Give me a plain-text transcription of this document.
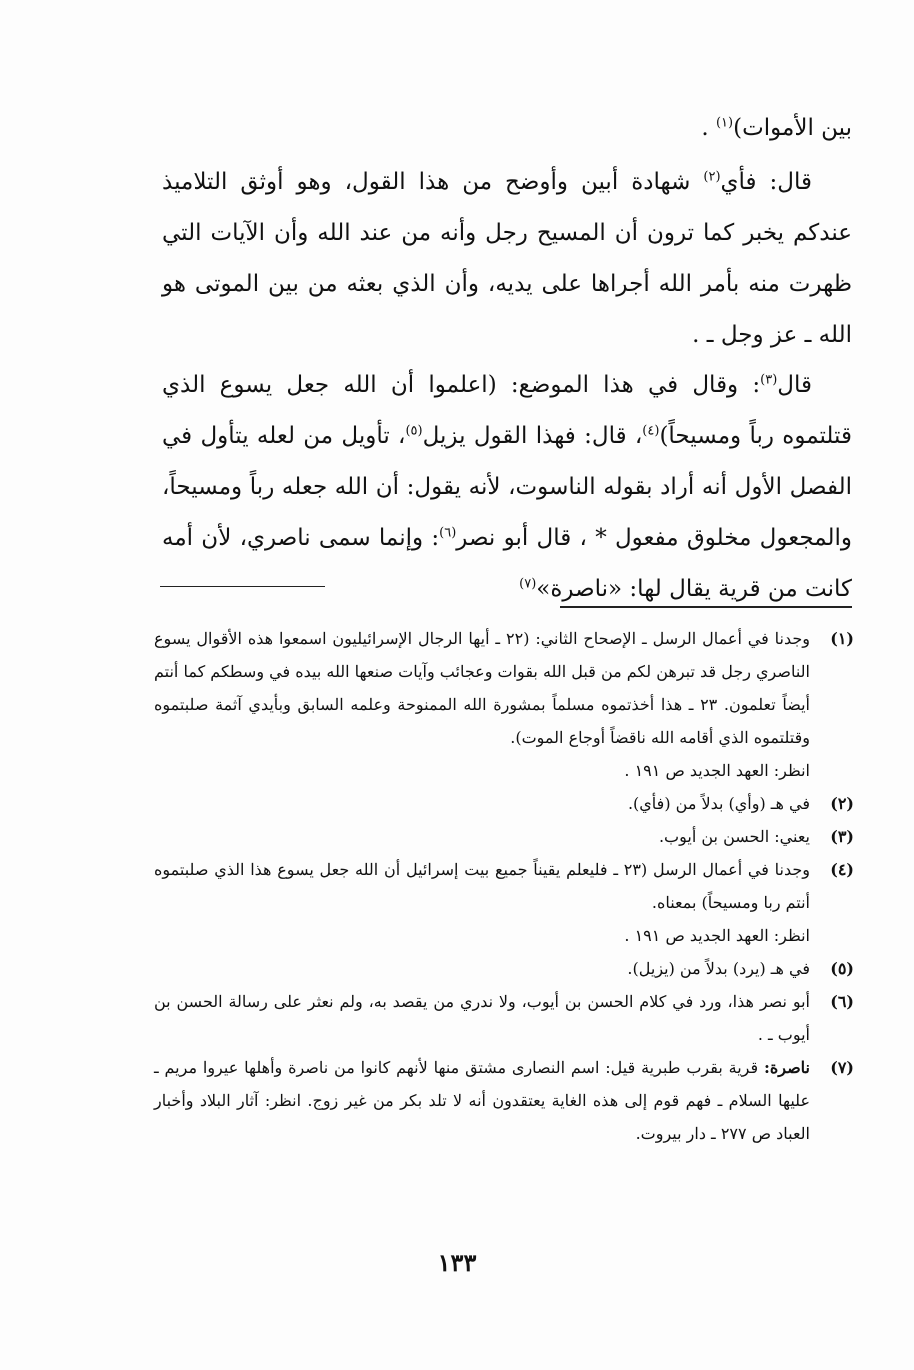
بين الأموات)$^{(١)}$ .

قال: فأي$^{(٢)}$ شهادة أبين وأوضح من هذا القول، وهو أوثق التلاميذ عندكم يخبر كما ترون أن المسيح رجل وأنه من عند الله وأن الآيات التي ظهرت منه بأمر الله أجراها على يديه، وأن الذي بعثه من بين الموتى هو الله ـ عز وجل ـ .

قال$^{(٣)}$: وقال في هذا الموضع: (اعلموا أن الله جعل يسوع الذي قتلتموه رباً ومسيحاً)$^{(٤)}$، قال: فهذا القول يزيل$^{(٥)}$، تأويل من لعله يتأول في الفصل الأول أنه أراد بقوله الناسوت، لأنه يقول: أن الله جعله رباً ومسيحاً، والمجعول مخلوق مفعول * ، قال أبو نصر$^{(٦)}$: وإنما سمى ناصري، لأن أمه كانت من قرية يقال لها: «ناصرة»$^{(٧)}$

(١)
وجدنا في أعمال الرسل ـ الإصحاح الثاني: (٢٢ ـ أيها الرجال الإسرائيليون اسمعوا هذه الأقوال يسوع الناصري رجل قد تبرهن لكم من قبل الله بقوات وعجائب وآيات صنعها الله بيده في وسطكم كما أنتم أيضاً تعلمون. ٢٣ ـ هذا أخذتموه مسلماً بمشورة الله الممنوحة وعلمه السابق وبأيدي آثمة صلبتموه وقتلتموه الذي أقامه الله ناقضاً أوجاع الموت).
انظر: العهد الجديد ص ١٩١ .
(٢)
في هـ (وأي) بدلاً من (فأي).
(٣)
يعني: الحسن بن أيوب.
(٤)
وجدنا في أعمال الرسل (٢٣ ـ فليعلم يقيناً جميع بيت إسرائيل أن الله جعل يسوع هذا الذي صلبتموه أنتم ربا ومسيحاً) بمعناه.
انظر: العهد الجديد ص ١٩١ .
(٥)
في هـ (يرد) بدلاً من (يزيل).
(٦)
أبو نصر هذا، ورد في كلام الحسن بن أيوب، ولا ندري من يقصد به، ولم نعثر على رسالة الحسن بن أيوب ـ .
(٧)
ناصرة: قرية بقرب طبرية قيل: اسم النصارى مشتق منها لأنهم كانوا من ناصرة وأهلها عيروا مريم ـ عليها السلام ـ فهم قوم إلى هذه الغاية يعتقدون أنه لا تلد بكر من غير زوج. انظر: آثار البلاد وأخبار العباد ص ٢٧٧ ـ دار بيروت.
١٣٣
